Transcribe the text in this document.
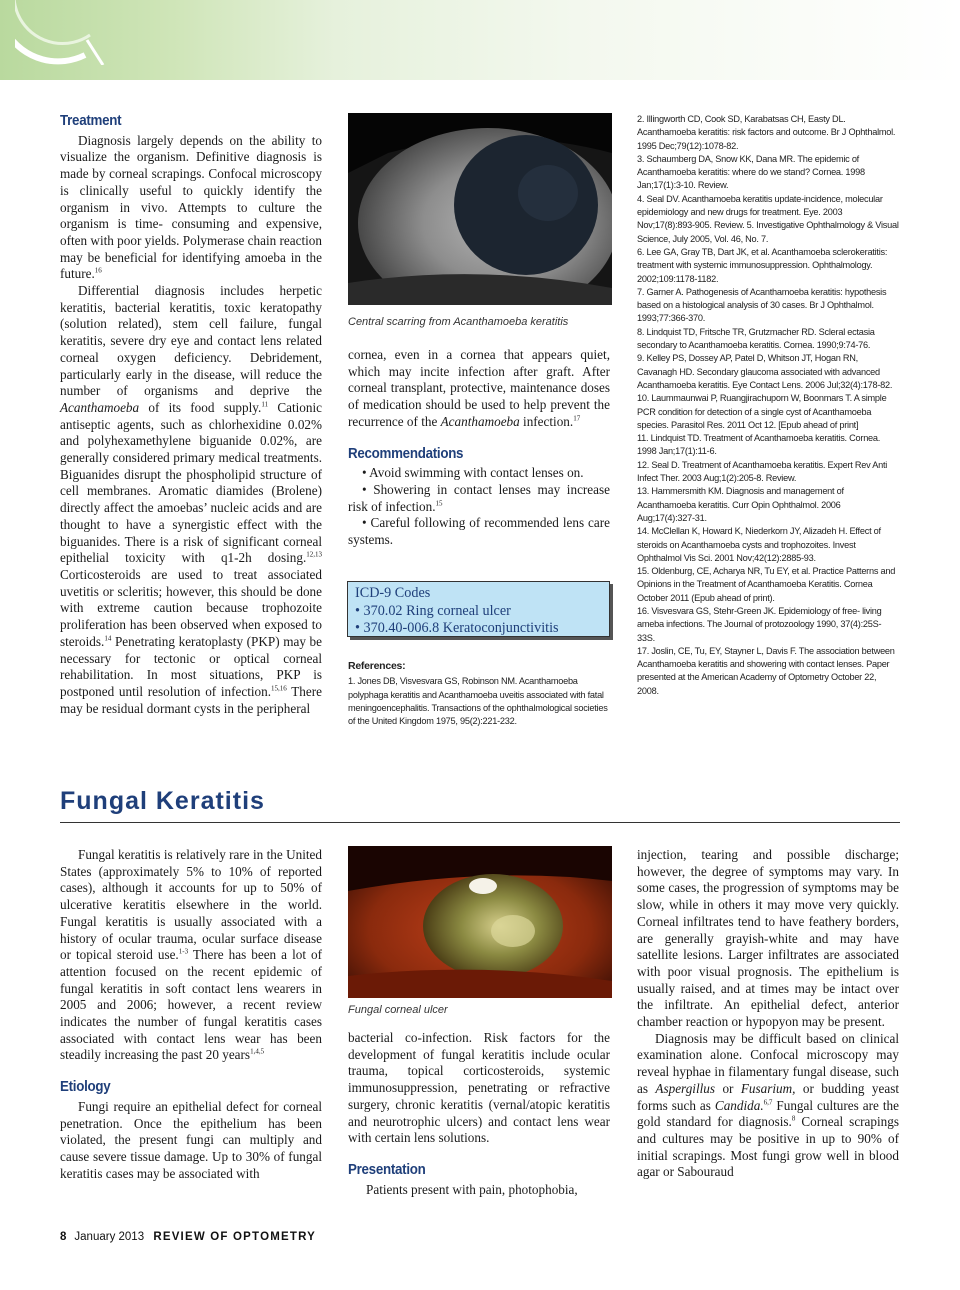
Treatment

Diagnosis largely depends on the ability to visualize the organism. Definitive diagnosis is made by corneal scrapings. Confocal microscopy is clinically useful to quickly identify the organism in vivo. Attempts to culture the organism is time- consuming and expensive, often with poor yields. Polymerase chain reaction may be beneficial for identifying amoeba in the future.$^{16}$

Differential diagnosis includes herpetic keratitis, bacterial keratitis, toxic keratopathy (solution related), stem cell failure, fungal keratitis, severe dry eye and contact lens related corneal oxygen deficiency. Debridement, particularly early in the disease, will reduce the number of organisms and deprive the Acanthamoeba of its food supply.$^{11}$ Cationic antiseptic agents, such as chlorhexidine 0.02% and polyhexamethylene biguanide 0.02%, are generally considered primary medical treatments. Biguanides disrupt the phospholipid structure of cell membranes. Aromatic diamides (Brolene) directly affect the amoebas’ nucleic acids and are thought to have a synergistic effect with the biguanides. There is a risk of significant corneal epithelial toxicity with q1-2h dosing.$^{12,13}$ Corticosteroids are used to treat associated uvetitis or scleritis; however, this should be done with extreme caution because trophozoite proliferation has been observed when exposed to steroids.$^{14}$ Penetrating keratoplasty (PKP) may be necessary for tectonic or optical corneal rehabilitation. In most situations, PKP is postponed until resolution of infection.$^{15,16}$ There may be residual dormant cysts in the peripheral

Central scarring from Acanthamoeba keratitis

cornea, even in a cornea that appears quiet, which may incite infection after graft. After corneal transplant, protective, maintenance doses of medication should be used to help prevent the recurrence of the Acanthamoeba infection.$^{17}$

Recommendations
• Avoid swimming with contact lenses on.
• Showering in contact lenses may increase risk of infection.$^{15}$
• Careful following of recommended lens care systems.
ICD-9 Codes
• 370.02 Ring corneal ulcer
• 370.40-006.8 Keratoconjunctivitis
References:

1. Jones DB, Visvesvara GS, Robinson NM. Acanthamoeba polyphaga keratitis and Acanthamoeba uveitis associated with fatal meningoencephalitis. Transactions of the ophthalmological societies of the United Kingdom 1975, 95(2):221-232.

2. Illingworth CD, Cook SD, Karabatsas CH, Easty DL. Acanthamoeba keratitis: risk factors and outcome. Br J Ophthalmol. 1995 Dec;79(12):1078-82.

3. Schaumberg DA, Snow KK, Dana MR. The epidemic of Acanthamoeba keratitis: where do we stand? Cornea. 1998 Jan;17(1):3-10. Review.

4. Seal DV. Acanthamoeba keratitis update-incidence, molecular epidemiology and new drugs for treatment. Eye. 2003 Nov;17(8):893-905. Review. 5. Investigative Ophthalmology & Visual Science, July 2005, Vol. 46, No. 7.

6. Lee GA, Gray TB, Dart JK, et al. Acanthamoeba sclerokeratitis: treatment with systemic immunosuppression. Ophthalmology. 2002;109:1178-1182.

7. Garner A. Pathogenesis of Acanthamoeba keratitis: hypothesis based on a histological analysis of 30 cases. Br J Ophthalmol. 1993;77:366-370.

8. Lindquist TD, Fritsche TR, Grutzmacher RD. Scleral ectasia secondary to Acanthamoeba keratitis. Cornea. 1990;9:74-76.

9. Kelley PS, Dossey AP, Patel D, Whitson JT, Hogan RN, Cavanagh HD. Secondary glaucoma associated with advanced Acanthamoeba keratitis. Eye Contact Lens. 2006 Jul;32(4):178-82.

10. Laummaunwai P, Ruangjirachuporn W, Boonmars T. A simple PCR condition for detection of a single cyst of Acanthamoeba species. Parasitol Res. 2011 Oct 12. [Epub ahead of print]

11. Lindquist TD. Treatment of Acanthamoeba keratitis. Cornea. 1998 Jan;17(1):11-6.

12. Seal D. Treatment of Acanthamoeba keratitis. Expert Rev Anti Infect Ther. 2003 Aug;1(2):205-8. Review.

13. Hammersmith KM. Diagnosis and management of Acanthamoeba keratitis. Curr Opin Ophthalmol. 2006 Aug;17(4):327-31.

14. McClellan K, Howard K, Niederkorn JY, Alizadeh H. Effect of steroids on Acanthamoeba cysts and trophozoites. Invest Ophthalmol Vis Sci. 2001 Nov;42(12):2885-93.

15. Oldenburg, CE, Acharya NR, Tu EY, et al. Practice Patterns and Opinions in the Treatment of Acanthamoeba Keratitis. Cornea October 2011 (Epub ahead of print).

16. Visvesvara GS, Stehr-Green JK. Epidemiology of free- living ameba infections. The Journal of protozoology 1990, 37(4):25S-33S.

17. Joslin, CE, Tu, EY, Stayner L, Davis F. The association between Acanthamoeba keratitis and showering with contact lenses. Paper presented at the American Academy of Optometry October 22, 2008.

Fungal Keratitis

Fungal keratitis is relatively rare in the United States (approximately 5% to 10% of reported cases), although it accounts for up to 50% of ulcerative keratitis elsewhere in the world. Fungal keratitis is usually associated with a history of ocular trauma, ocular surface disease or topical steroid use.$^{1-3}$ There has been a lot of attention focused on the recent epidemic of fungal keratitis in soft contact lens wearers in 2005 and 2006; however, a recent review indicates the number of fungal keratitis cases associated with contact lens wear has been steadily increasing the past 20 years$^{1,4,5}$

Etiology

Fungi require an epithelial defect for corneal penetration. Once the epithelium has been violated, the present fungi can multiply and cause severe tissue damage. Up to 30% of fungal keratitis cases may be associated with

Fungal corneal ulcer

bacterial co-infection. Risk factors for the development of fungal keratitis include ocular trauma, topical corticosteroids, systemic immunosuppression, penetrating or refractive surgery, chronic keratitis (vernal/atopic keratitis and neurotrophic ulcers) and contact lens wear with certain lens solutions.

Presentation

Patients present with pain, photophobia,

injection, tearing and possible discharge; however, the degree of symptoms may vary. In some cases, the progression of symptoms may be slow, while in others it may move very quickly. Corneal infiltrates tend to have feathery borders, are generally grayish-white and may have satellite lesions. Larger infiltrates are associated with poor visual prognosis. The epithelium is usually raised, and at times may be intact over the infiltrate. An epithelial defect, anterior chamber reaction or hypopyon may be present.

Diagnosis may be difficult based on clinical examination alone. Confocal microscopy may reveal hyphae in filamentary fungal disease, such as Aspergillus or Fusarium, or budding yeast forms such as Candida.$^{6,7}$ Fungal cultures are the gold standard for diagnosis.$^8$ Corneal scrapings and cultures may be positive in up to 90% of initial scrapings. Most fungi grow well in blood agar or Sabouraud

8 January 2013 REVIEW OF OPTOMETRY
